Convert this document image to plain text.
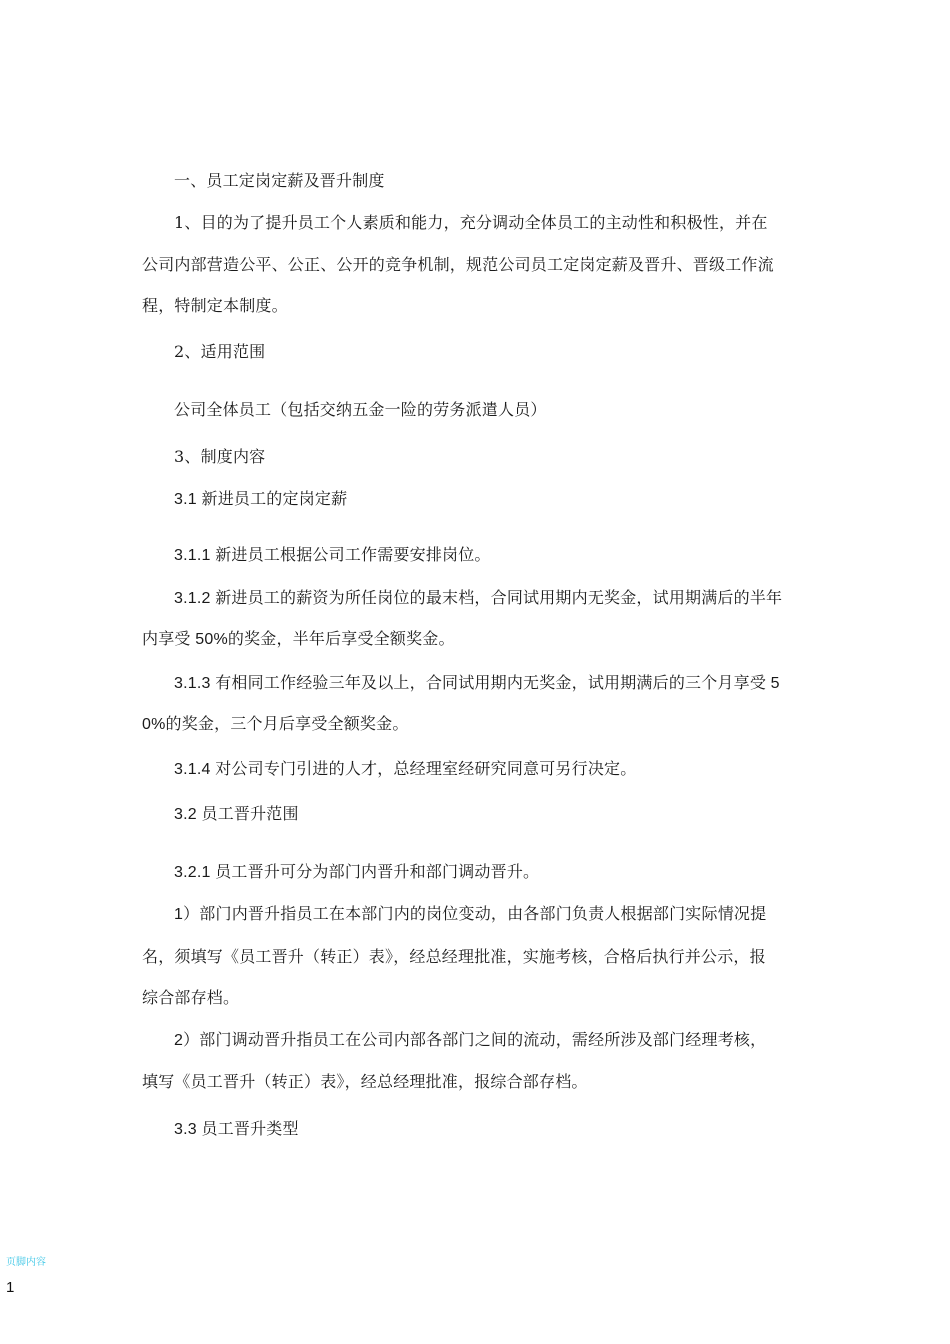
一、员工定岗定薪及晋升制度
1、目的为了提升员工个人素质和能力，充分调动全体员工的主动性和积极性，并在
公司内部营造公平、公正、公开的竞争机制，规范公司员工定岗定薪及晋升、晋级工作流
程，特制定本制度。
2、适用范围
公司全体员工（包括交纳五金一险的劳务派遣人员）
3、制度内容
3.1 新进员工的定岗定薪
3.1.1 新进员工根据公司工作需要安排岗位。
3.1.2 新进员工的薪资为所任岗位的最末档，合同试用期内无奖金，试用期满后的半年
内享受 50%的奖金，半年后享受全额奖金。
3.1.3 有相同工作经验三年及以上，合同试用期内无奖金，试用期满后的三个月享受 5
0%的奖金，三个月后享受全额奖金。
3.1.4 对公司专门引进的人才，总经理室经研究同意可另行决定。
3.2 员工晋升范围
3.2.1 员工晋升可分为部门内晋升和部门调动晋升。
1）部门内晋升指员工在本部门内的岗位变动，由各部门负责人根据部门实际情况提
名，须填写《员工晋升（转正）表》，经总经理批准，实施考核，合格后执行并公示，报
综合部存档。
2）部门调动晋升指员工在公司内部各部门之间的流动，需经所涉及部门经理考核，
填写《员工晋升（转正）表》，经总经理批准，报综合部存档。
3.3 员工晋升类型
页脚内容
1
